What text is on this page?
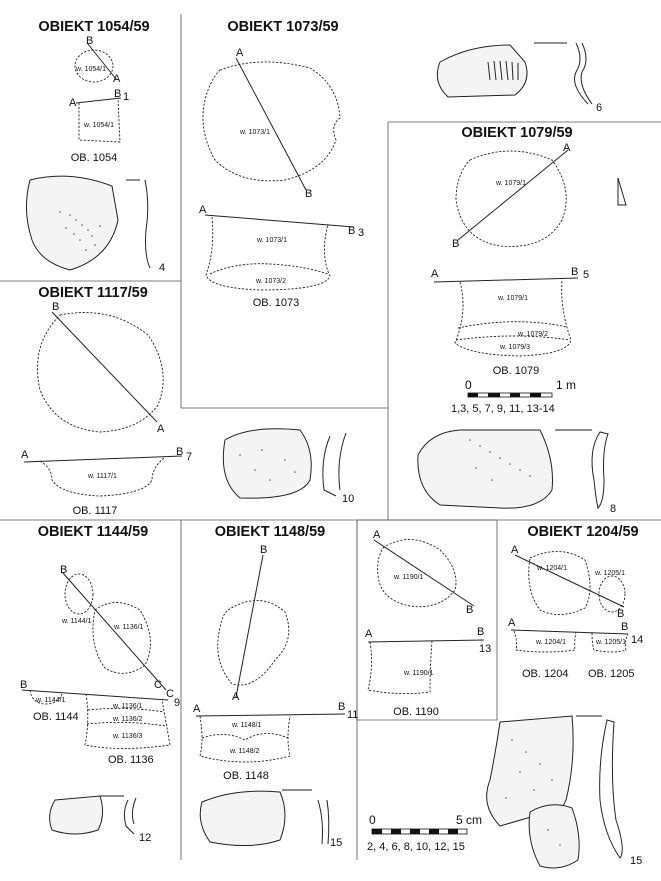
OBIEKT 1054/59
B
A
w. 1054/1
A
B 1
w. 1054/1
OB. 1054
4
OBIEKT 1073/59
A
B
w. 1073/1
A
B 3
w. 1073/1
w. 1073/2
OB. 1073
6
OBIEKT 1079/59
A
B
w. 1079/1
A	B 5
w. 1079/1
w. 1079/2
w. 1079/3
OB. 1079
0	1 m
1,3, 5, 7, 9, 11, 13-14
8
OBIEKT 1117/59
B
A
A	B 7
w. 1117/1
OB. 1117
10
OBIEKT 1144/59
B
C
w. 1144/1
w. 1136/1
B
C
9
w. 1144/1
w. 1136/1
w. 1136/2
w. 1136/3
OB. 1144
OB. 1136
12
OBIEKT 1148/59
B
A
A	B
11
w. 1148/1
w. 1148/2
OB. 1148
15
A
B
w. 1190/1
A	B
13
w. 1190/1
OB. 1190
OBIEKT 1204/59
A
B
w. 1204/1
w. 1205/1
A	B
14
w. 1204/1	w. 1205/1
OB. 1204 OB. 1205
15
0	5 cm
2, 4, 6, 8, 10, 12, 15
